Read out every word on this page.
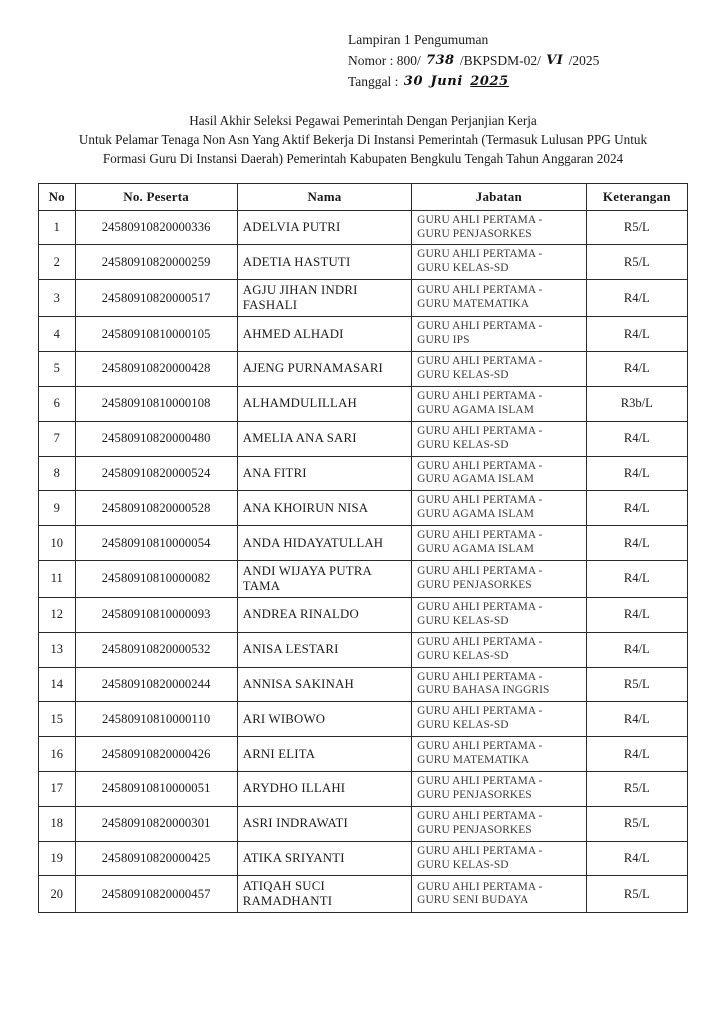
Lampiran 1 Pengumuman
Nomor : 800/ 738 /BKPSDM-02/ VI /2025
Tanggal : 30 Juni 2025
Hasil Akhir Seleksi Pegawai Pemerintah Dengan Perjanjian Kerja
Untuk Pelamar Tenaga Non Asn Yang Aktif Bekerja Di Instansi Pemerintah (Termasuk Lulusan PPG Untuk
Formasi Guru Di Instansi Daerah) Pemerintah Kabupaten Bengkulu Tengah Tahun Anggaran 2024
No	No. Peserta	Nama	Jabatan	Keterangan
1	24580910820000336	ADELVIA PUTRI	GURU AHLI PERTAMA -
GURU PENJASORKES	R5/L
2	24580910820000259	ADETIA HASTUTI	GURU AHLI PERTAMA -
GURU KELAS-SD	R5/L
3	24580910820000517	AGJU JIHAN INDRI FASHALI	GURU AHLI PERTAMA -
GURU MATEMATIKA	R4/L
4	24580910810000105	AHMED ALHADI	GURU AHLI PERTAMA -
GURU IPS	R4/L
5	24580910820000428	AJENG PURNAMASARI	GURU AHLI PERTAMA -
GURU KELAS-SD	R4/L
6	24580910810000108	ALHAMDULILLAH	GURU AHLI PERTAMA -
GURU AGAMA ISLAM	R3b/L
7	24580910820000480	AMELIA ANA SARI	GURU AHLI PERTAMA -
GURU KELAS-SD	R4/L
8	24580910820000524	ANA FITRI	GURU AHLI PERTAMA -
GURU AGAMA ISLAM	R4/L
9	24580910820000528	ANA KHOIRUN NISA	GURU AHLI PERTAMA -
GURU AGAMA ISLAM	R4/L
10	24580910810000054	ANDA HIDAYATULLAH	GURU AHLI PERTAMA -
GURU AGAMA ISLAM	R4/L
11	24580910810000082	ANDI WIJAYA PUTRA TAMA	GURU AHLI PERTAMA -
GURU PENJASORKES	R4/L
12	24580910810000093	ANDREA RINALDO	GURU AHLI PERTAMA -
GURU KELAS-SD	R4/L
13	24580910820000532	ANISA LESTARI	GURU AHLI PERTAMA -
GURU KELAS-SD	R4/L
14	24580910820000244	ANNISA SAKINAH	GURU AHLI PERTAMA -
GURU BAHASA INGGRIS	R5/L
15	24580910810000110	ARI WIBOWO	GURU AHLI PERTAMA -
GURU KELAS-SD	R4/L
16	24580910820000426	ARNI ELITA	GURU AHLI PERTAMA -
GURU MATEMATIKA	R4/L
17	24580910810000051	ARYDHO ILLAHI	GURU AHLI PERTAMA -
GURU PENJASORKES	R5/L
18	24580910820000301	ASRI INDRAWATI	GURU AHLI PERTAMA -
GURU PENJASORKES	R5/L
19	24580910820000425	ATIKA SRIYANTI	GURU AHLI PERTAMA -
GURU KELAS-SD	R4/L
20	24580910820000457	ATIQAH SUCI RAMADHANTI	GURU AHLI PERTAMA -
GURU SENI BUDAYA	R5/L
